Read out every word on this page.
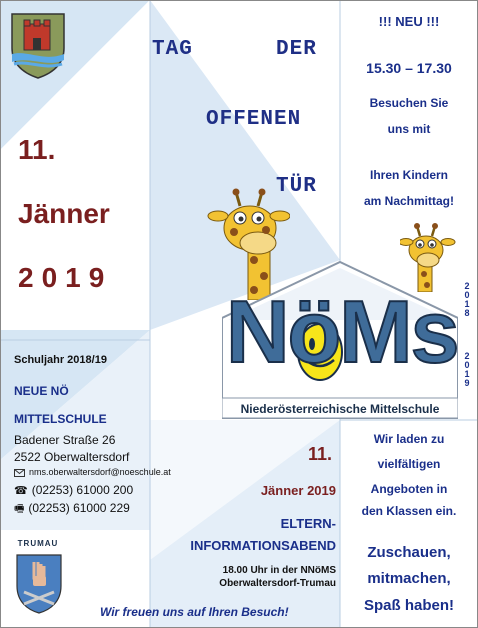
TAG	DER
OFFENEN
TÜR
11.
Jänner
2019
!!! NEU !!!
15.30 – 17.30
Besuchen Sie
uns mit
Ihren Kindern
am Nachmittag!
NöMs
Niederösterreichische Mittelschule
2
0
1
8
2
0
1
9
Schuljahr 2018/19
NEUE NÖ
MITTELSCHULE
Badener Straße 26
2522 Oberwaltersdorf
nms.oberwaltersdorf@noeschule.at
☎ (02253) 61000 200
🖷 (02253) 61000 229
TRUMAU
11.
Jänner 2019
ELTERN-
INFORMATIONSABEND
18.00 Uhr in der NNöMS
Oberwaltersdorf-Trumau
Wir laden zu
vielfältigen
Angeboten in
den Klassen ein.
Zuschauen,
mitmachen,
Spaß haben!
Wir freuen uns auf Ihren Besuch!
